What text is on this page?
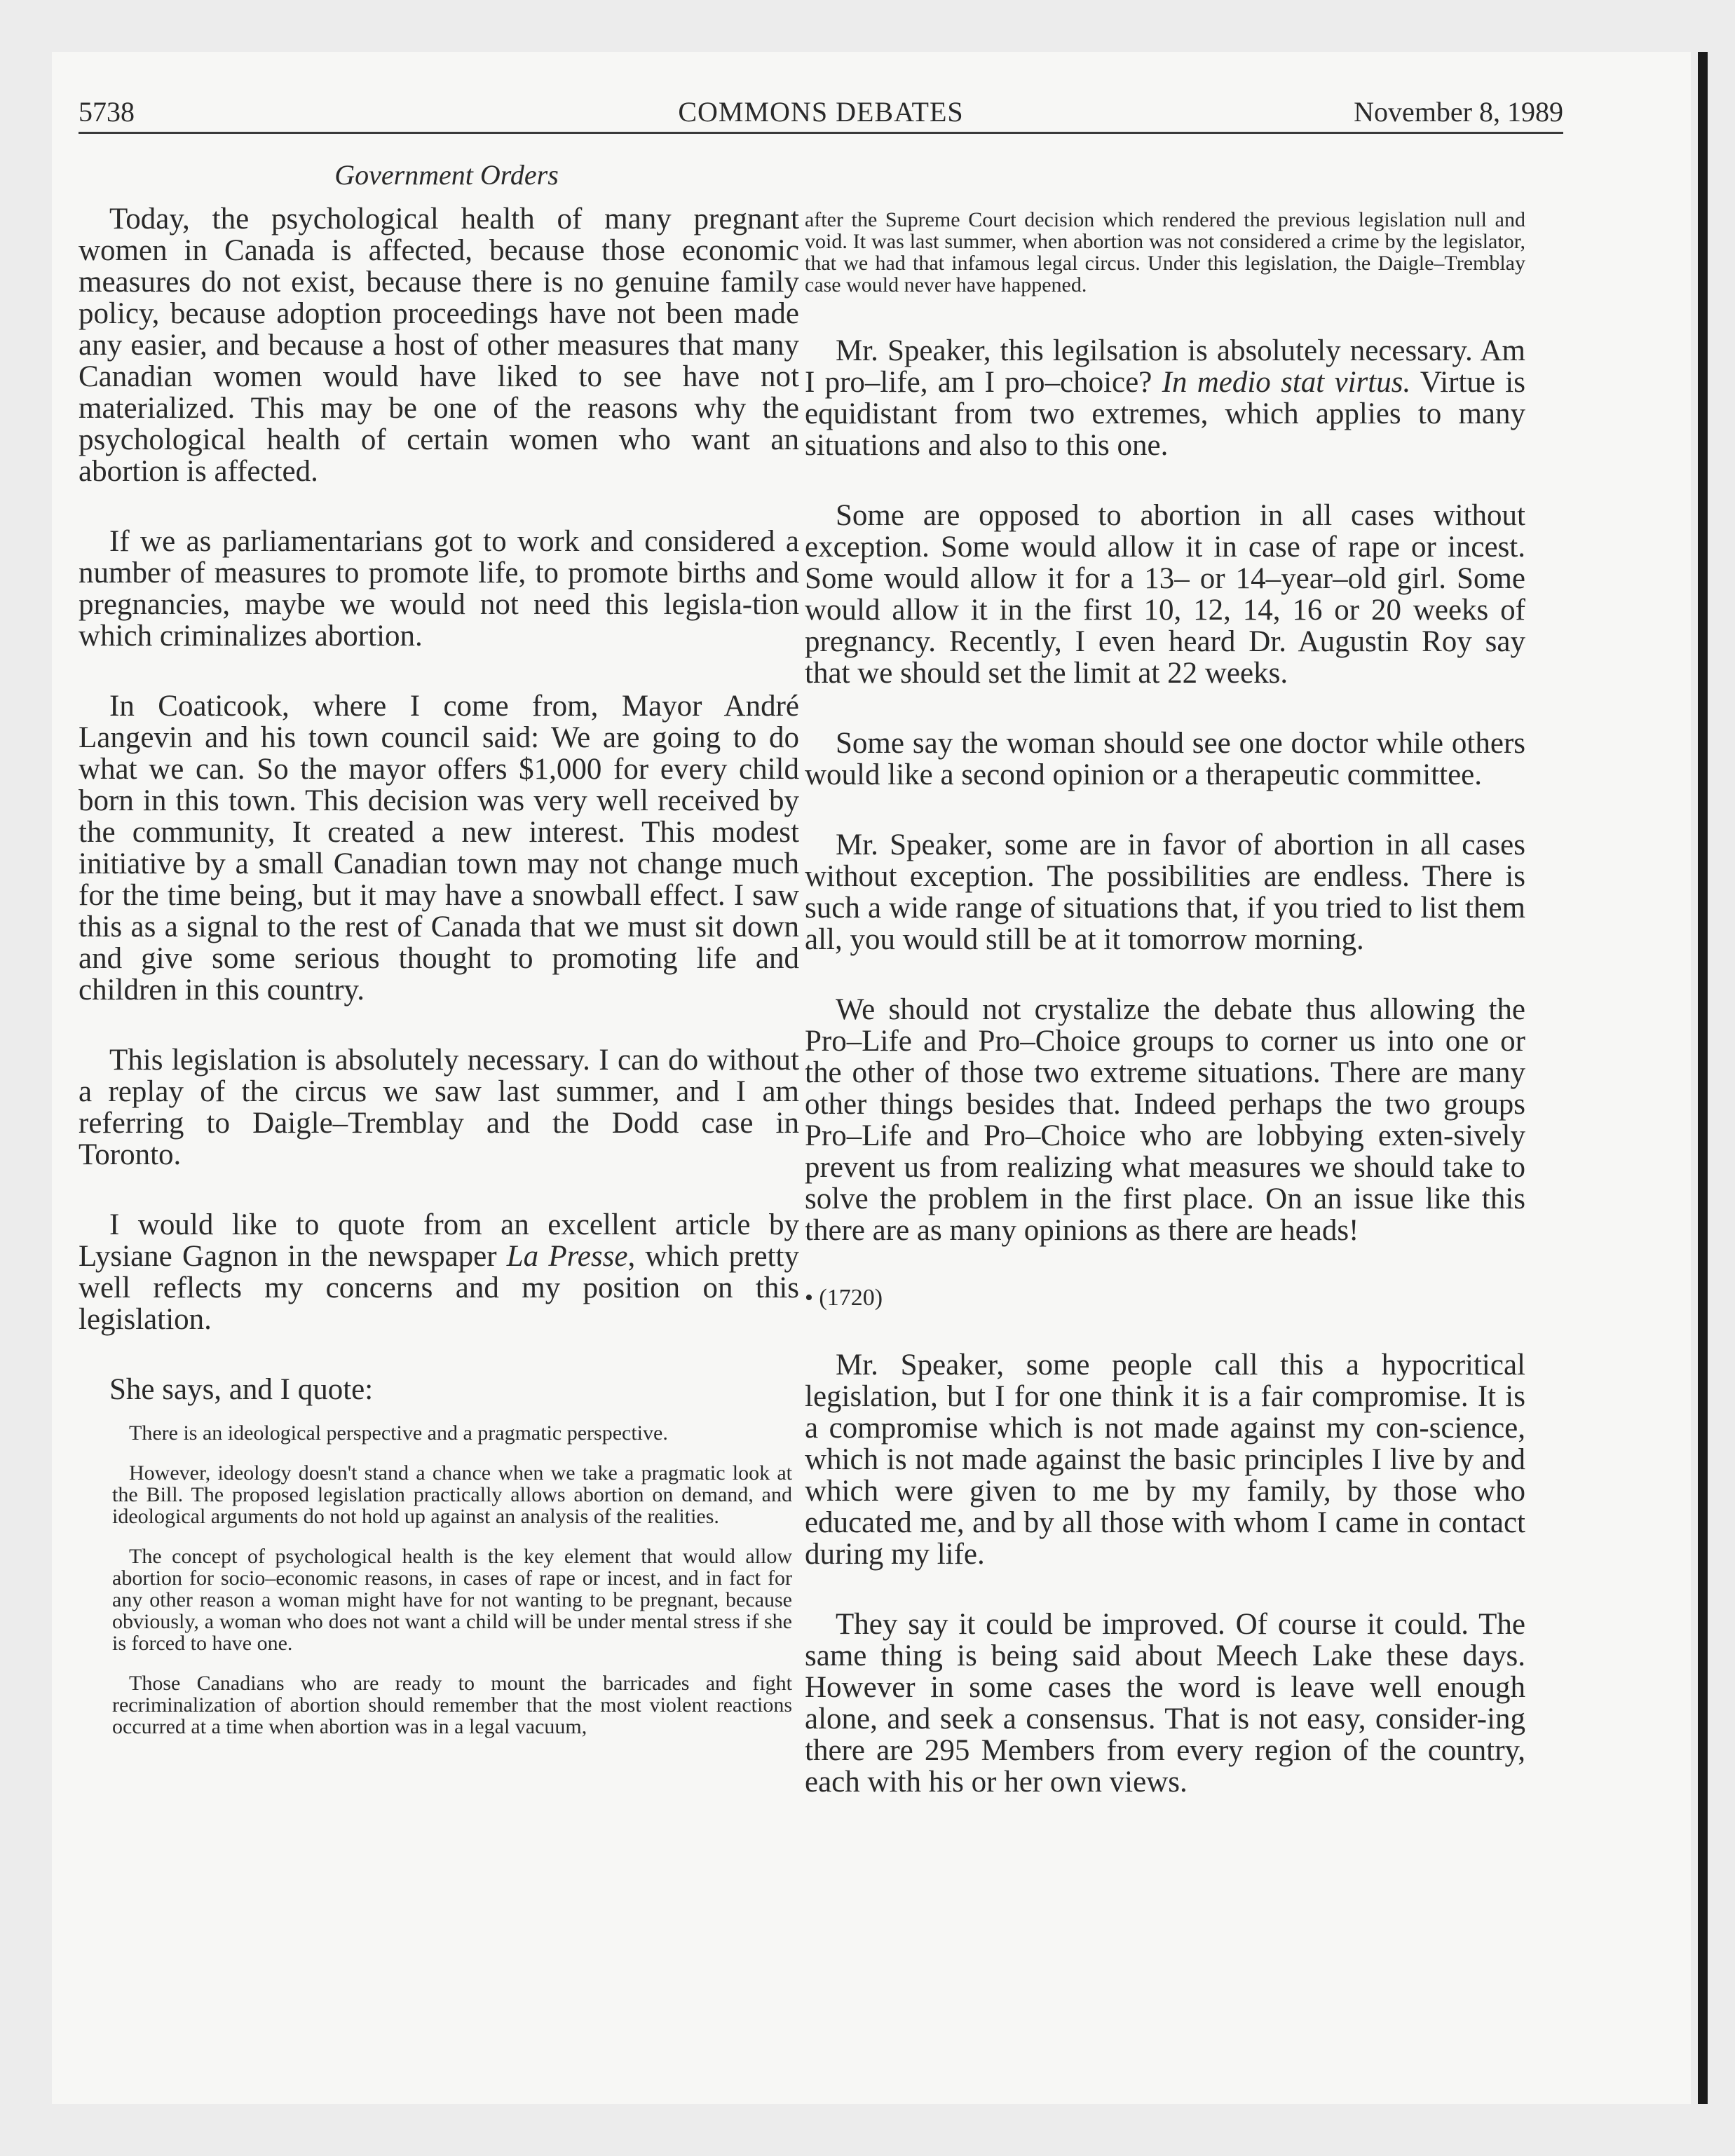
5738	COMMONS DEBATES	November 8, 1989
Government Orders

Today, the psychological health of many pregnant women in Canada is affected, because those economic measures do not exist, because there is no genuine family policy, because adoption proceedings have not been made any easier, and because a host of other measures that many Canadian women would have liked to see have not materialized. This may be one of the reasons why the psychological health of certain women who want an abortion is affected.

If we as parliamentarians got to work and considered a number of measures to promote life, to promote births and pregnancies, maybe we would not need this legisla-tion which criminalizes abortion.

In Coaticook, where I come from, Mayor André Langevin and his town council said: We are going to do what we can. So the mayor offers $1,000 for every child born in this town. This decision was very well received by the community, It created a new interest. This modest initiative by a small Canadian town may not change much for the time being, but it may have a snowball effect. I saw this as a signal to the rest of Canada that we must sit down and give some serious thought to promoting life and children in this country.

This legislation is absolutely necessary. I can do without a replay of the circus we saw last summer, and I am referring to Daigle–Tremblay and the Dodd case in Toronto.

I would like to quote from an excellent article by Lysiane Gagnon in the newspaper La Presse, which pretty well reflects my concerns and my position on this legislation.

She says, and I quote:

There is an ideological perspective and a pragmatic perspective.

However, ideology doesn't stand a chance when we take a pragmatic look at the Bill. The proposed legislation practically allows abortion on demand, and ideological arguments do not hold up against an analysis of the realities.

The concept of psychological health is the key element that would allow abortion for socio–economic reasons, in cases of rape or incest, and in fact for any other reason a woman might have for not wanting to be pregnant, because obviously, a woman who does not want a child will be under mental stress if she is forced to have one.

Those Canadians who are ready to mount the barricades and fight recriminalization of abortion should remember that the most violent reactions occurred at a time when abortion was in a legal vacuum,

after the Supreme Court decision which rendered the previous legislation null and void. It was last summer, when abortion was not considered a crime by the legislator, that we had that infamous legal circus. Under this legislation, the Daigle–Tremblay case would never have happened.

Mr. Speaker, this legilsation is absolutely necessary. Am I pro–life, am I pro–choice? In medio stat virtus. Virtue is equidistant from two extremes, which applies to many situations and also to this one.

Some are opposed to abortion in all cases without exception. Some would allow it in case of rape or incest. Some would allow it for a 13– or 14–year–old girl. Some would allow it in the first 10, 12, 14, 16 or 20 weeks of pregnancy. Recently, I even heard Dr. Augustin Roy say that we should set the limit at 22 weeks.

Some say the woman should see one doctor while others would like a second opinion or a therapeutic committee.

Mr. Speaker, some are in favor of abortion in all cases without exception. The possibilities are endless. There is such a wide range of situations that, if you tried to list them all, you would still be at it tomorrow morning.

We should not crystalize the debate thus allowing the Pro–Life and Pro–Choice groups to corner us into one or the other of those two extreme situations. There are many other things besides that. Indeed perhaps the two groups Pro–Life and Pro–Choice who are lobbying exten-sively prevent us from realizing what measures we should take to solve the problem in the first place. On an issue like this there are as many opinions as there are heads!

• (1720)

Mr. Speaker, some people call this a hypocritical legislation, but I for one think it is a fair compromise. It is a compromise which is not made against my con-science, which is not made against the basic principles I live by and which were given to me by my family, by those who educated me, and by all those with whom I came in contact during my life.

They say it could be improved. Of course it could. The same thing is being said about Meech Lake these days. However in some cases the word is leave well enough alone, and seek a consensus. That is not easy, consider-ing there are 295 Members from every region of the country, each with his or her own views.
